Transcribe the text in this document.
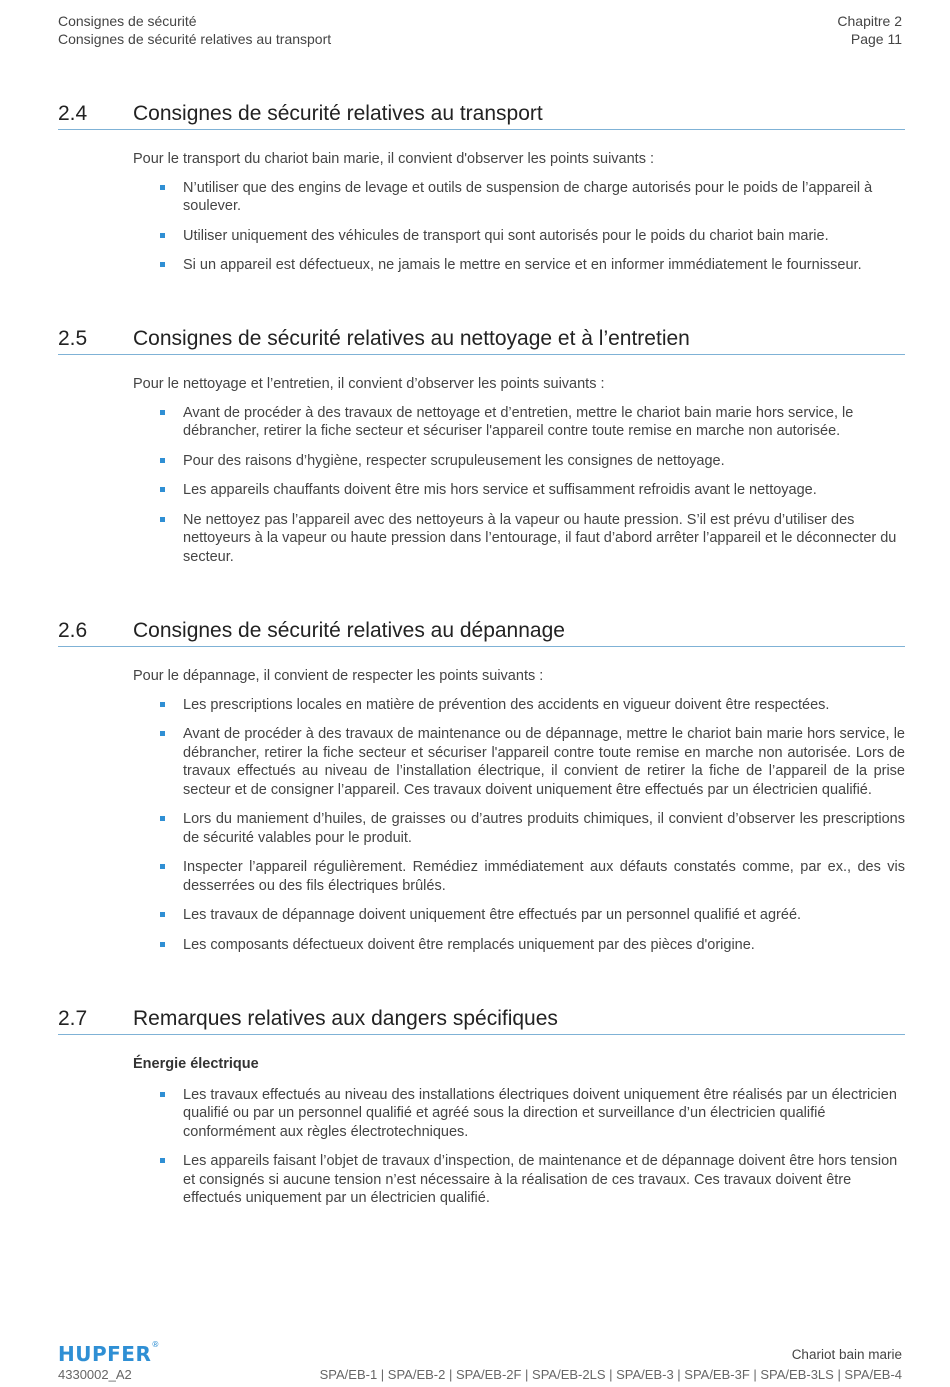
Consignes de sécurité
Consignes de sécurité relatives au transport
Chapitre 2
Page 11
2.4	Consignes de sécurité relatives au transport

Pour le transport du chariot bain marie, il convient d'observer les points suivants :

N’utiliser que des engins de levage et outils de suspension de charge autorisés pour le poids de l’appareil à soulever.
Utiliser uniquement des véhicules de transport qui sont autorisés pour le poids du chariot bain marie.
Si un appareil est défectueux, ne jamais le mettre en service et en informer immédiatement le fournisseur.
2.5	Consignes de sécurité relatives au nettoyage et à l’entretien

Pour le nettoyage et l’entretien, il convient d’observer les points suivants :

Avant de procéder à des travaux de nettoyage et d’entretien, mettre le chariot bain marie hors service, le débrancher, retirer la fiche secteur et sécuriser l'appareil contre toute remise en marche non autorisée.
Pour des raisons d’hygiène, respecter scrupuleusement les consignes de nettoyage.
Les appareils chauffants doivent être mis hors service et suffisamment refroidis avant le nettoyage.
Ne nettoyez pas l’appareil avec des nettoyeurs à la vapeur ou haute pression. S’il est prévu d’utiliser des nettoyeurs à la vapeur ou haute pression dans l’entourage, il faut d’abord arrêter l’appareil et le déconnecter du secteur.
2.6	Consignes de sécurité relatives au dépannage

Pour le dépannage, il convient de respecter les points suivants :

Les prescriptions locales en matière de prévention des accidents en vigueur doivent être respectées.
Avant de procéder à des travaux de maintenance ou de dépannage, mettre le chariot bain marie hors service, le débrancher, retirer la fiche secteur et sécuriser l'appareil contre toute remise en marche non autorisée. Lors de travaux effectués au niveau de l’installation électrique, il convient de retirer la fiche de l’appareil de la prise secteur et de consigner l’appareil. Ces travaux doivent uniquement être effectués par un électricien qualifié.
Lors du maniement d’huiles, de graisses ou d’autres produits chimiques, il convient d’observer les prescriptions de sécurité valables pour le produit.
Inspecter l’appareil régulièrement. Remédiez immédiatement aux défauts constatés comme, par ex., des vis desserrées ou des fils électriques brûlés.
Les travaux de dépannage doivent uniquement être effectués par un personnel qualifié et agréé.
Les composants défectueux doivent être remplacés uniquement par des pièces d'origine.
2.7	Remarques relatives aux dangers spécifiques

Énergie électrique

Les travaux effectués au niveau des installations électriques doivent uniquement être réalisés par un électricien qualifié ou par un personnel qualifié et agréé sous la direction et surveillance d’un électricien qualifié conformément aux règles électrotechniques.
Les appareils faisant l’objet de travaux d’inspection, de maintenance et de dépannage doivent être hors tension et consignés si aucune tension n’est nécessaire à la réalisation de ces travaux. Ces travaux doivent être effectués uniquement par un électricien qualifié.
HUPFER®
4330002_A2
Chariot bain marie
SPA/EB-1 | SPA/EB-2 | SPA/EB-2F | SPA/EB-2LS | SPA/EB-3 | SPA/EB-3F | SPA/EB-3LS | SPA/EB-4
